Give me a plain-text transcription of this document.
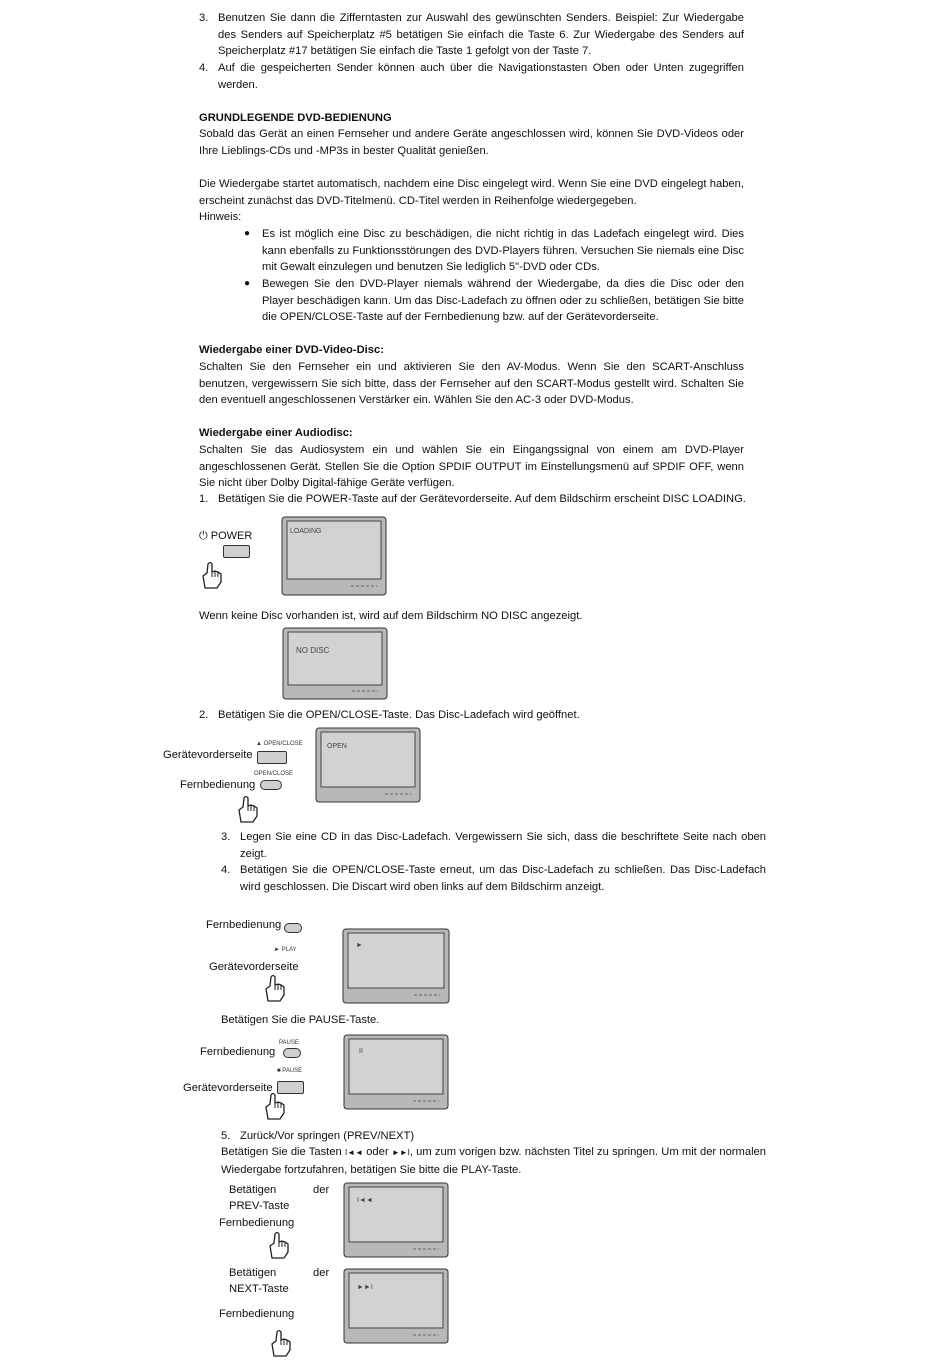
3. Benutzen Sie dann die Zifferntasten zur Auswahl des gewünschten Senders. Beispiel: Zur Wiedergabe des Senders auf Speicherplatz #5 betätigen Sie einfach die Taste 6. Zur Wiedergabe des Senders auf Speicherplatz #17 betätigen Sie einfach die Taste 1 gefolgt von der Taste 7.
4. Auf die gespeicherten Sender können auch über die Navigationstasten Oben oder Unten zugegriffen werden.
GRUNDLEGENDE DVD-BEDIENUNG
Sobald das Gerät an einen Fernseher und andere Geräte angeschlossen wird, können Sie DVD-Videos oder Ihre Lieblings-CDs und -MP3s in bester Qualität genießen.
Die Wiedergabe startet automatisch, nachdem eine Disc eingelegt wird. Wenn Sie eine DVD eingelegt haben, erscheint zunächst das DVD-Titelmenü. CD-Titel werden in Reihenfolge wiedergegeben.
Hinweis:
● Es ist möglich eine Disc zu beschädigen, die nicht richtig in das Ladefach eingelegt wird. Dies kann ebenfalls zu Funktionsstörungen des DVD-Players führen. Versuchen Sie niemals eine Disc mit Gewalt einzulegen und benutzen Sie lediglich 5"-DVD oder CDs.
● Bewegen Sie den DVD-Player niemals während der Wiedergabe, da dies die Disc oder den Player beschädigen kann. Um das Disc-Ladefach zu öffnen oder zu schließen, betätigen Sie bitte die OPEN/CLOSE-Taste auf der Fernbedienung bzw. auf der Gerätevorderseite.
Wiedergabe einer DVD-Video-Disc:
Schalten Sie den Fernseher ein und aktivieren Sie den AV-Modus. Wenn Sie den SCART-Anschluss benutzen, vergewissern Sie sich bitte, dass der Fernseher auf den SCART-Modus gestellt wird. Schalten Sie den eventuell angeschlossenen Verstärker ein. Wählen Sie den AC-3 oder DVD-Modus.
Wiedergabe einer Audiodisc:
Schalten Sie das Audiosystem ein und wählen Sie ein Eingangssignal von einem am DVD-Player angeschlossenen Gerät. Stellen Sie die Option SPDIF OUTPUT im Einstellungsmenü auf SPDIF OFF, wenn Sie nicht über Dolby Digital-fähige Geräte verfügen.
1. Betätigen Sie die POWER-Taste auf der Gerätevorderseite. Auf dem Bildschirm erscheint DISC LOADING.
⏻ POWER	LOADING
Wenn keine Disc vorhanden ist, wird auf dem Bildschirm NO DISC angezeigt.
NO DISC
2. Betätigen Sie die OPEN/CLOSE-Taste. Das Disc-Ladefach wird geöffnet.
Gerätevorderseite
▲ OPEN/CLOSE
Fernbedienung
OPEN/CLOSE
OPEN
3. Legen Sie eine CD in das Disc-Ladefach. Vergewissern Sie sich, dass die beschriftete Seite nach oben zeigt.
4. Betätigen Sie die OPEN/CLOSE-Taste erneut, um das Disc-Ladefach zu schließen. Das Disc-Ladefach wird geschlossen. Die Discart wird oben links auf dem Bildschirm anzeigt.
Fernbedienung
► PLAY
Gerätevorderseite
►
Betätigen Sie die PAUSE-Taste.
Fernbedienung
PAUSE
■ PAUSE
Gerätevorderseite
II
5. Zurück/Vor springen (PREV/NEXT)
Betätigen Sie die Tasten I◄◄ oder ►►I, um zum vorigen bzw. nächsten Titel zu springen. Um mit der normalen Wiedergabe fortzufahren, betätigen Sie bitte die PLAY-Taste.
Betätigen	der
PREV-Taste
Fernbedienung
I◄◄
Betätigen	der
NEXT-Taste
Fernbedienung
►►I
